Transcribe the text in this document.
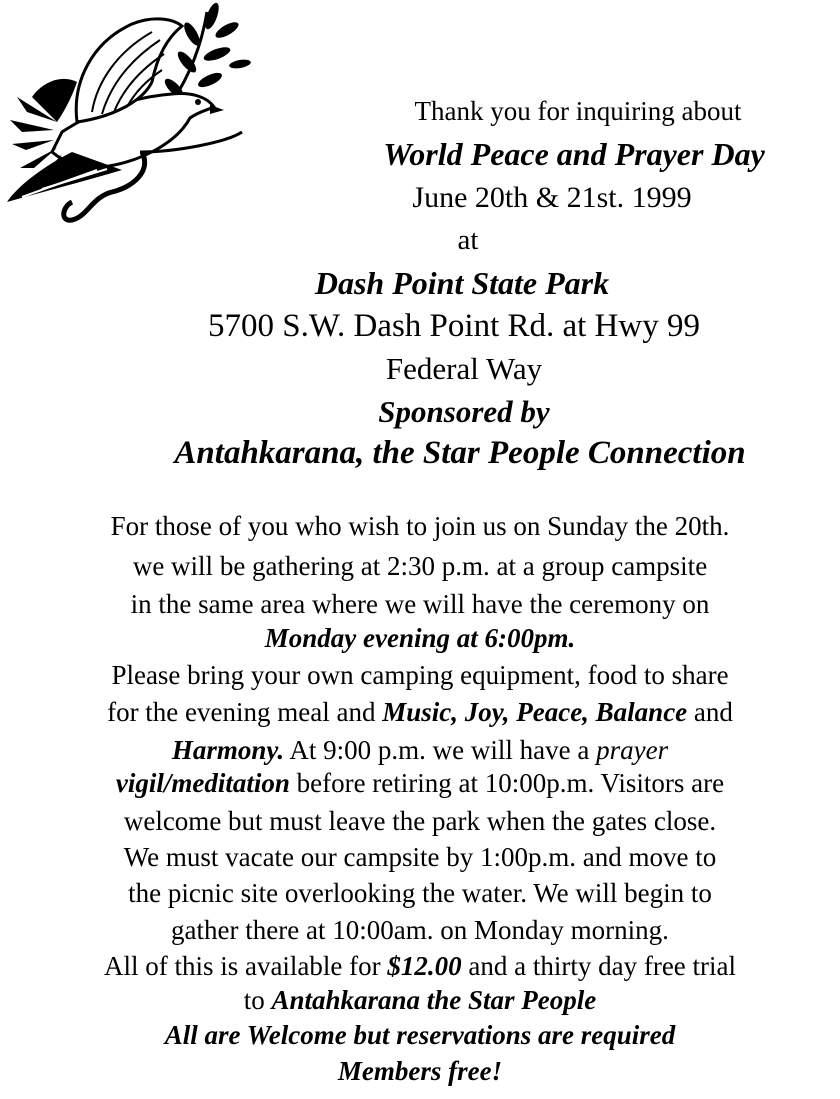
Thank you for inquiring about
World Peace and Prayer Day
June 20th & 21st. 1999
at
Dash Point State Park
5700 S.W. Dash Point Rd. at Hwy 99
Federal Way
Sponsored by
Antahkarana, the Star People Connection
For those of you who wish to join us on Sunday the 20th.
we will be gathering at 2:30 p.m. at a group campsite
in the same area where we will have the ceremony on
Monday evening at 6:00pm.
Please bring your own camping equipment, food to share
for the evening meal and Music, Joy, Peace, Balance and
Harmony. At 9:00 p.m. we will have a prayer
vigil/meditation before retiring at 10:00p.m. Visitors are
welcome but must leave the park when the gates close.
We must vacate our campsite by 1:00p.m. and move to
the picnic site overlooking the water. We will begin to
gather there at 10:00am. on Monday morning.
All of this is available for $12.00 and a thirty day free trial
to Antahkarana the Star People
All are Welcome but reservations are required
Members free!
